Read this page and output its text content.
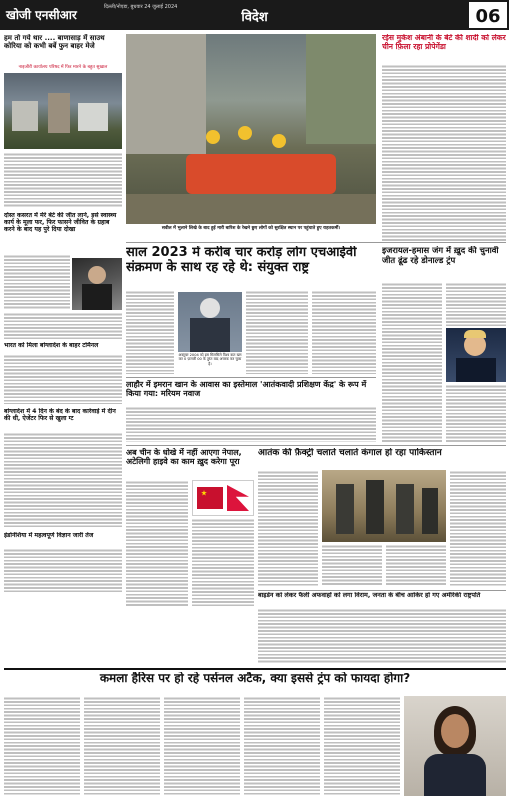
खोजी एनसीआर
दिल्ली/नोएडा, बुधवार 24 जुलाई 2024
विदेश	06
हम तो गये थार .... बाणासाड़ में साउथ कोरिया को कभी बर्बे फुन बाहर मेजे
नाइजीरी कार्यालय परिषद में फिर मारने के बहुत सुखाल
दोस्त कसरत में मेरे बेटे की जीत लाने, इसे स्वास्थ्य कार्य के मूला फर, फिर फासने जीवित के ग्रहाब करने के बाद यह पुरे दिया दोखा
भारत को मिला बांग्लादेश के बाहर टर्मिनल
बांग्लादेश में 4 दिन के बंद के बाद कार्रवाई में दीन की धी, ऐजेंटर फिर से खुला ग्ट
इंडोनेशिया में महत्वपूर्ण विज्ञान जारी तेज
सवील में भुलाने लिखे के बाद हुई मारी बारिश के रेखने छुए लोगों को सुरक्षित स्थान पर पहुंचाते हुए राहतकर्मी।
रईस मुकेश अंबानी के बेटे की शादी को लेकर चीन फ़िला रहा प्रोपेगेंडा
साल 2023 में करीब चार करोड़ लोग एचआईवी संक्रमण के साथ रह रहे थे: संयुक्त राष्ट्र
इजरायल-हमास जंग में ख़ुद की चुनावी जीत ढूंढ रहे डोनाल्ड ट्रंप
अक्टूबर 2004 को इस सिलसिले विश्व बात खन कर 0 फ़रवरी 00 के तुरंत बाद अचरक कर चुका है।
लाहौर में इमरान खान के आवास का इस्तेमाल 'आतंकवादी प्रशिक्षण केंद्र' के रूप में किया गया: मरियम नवाज
अब चीन के धोखे में नहीं आएगा नेपाल, अटेलिगी हाइवे का काम ख़ुद करेगा पूरा
आतंक की फ़ैक्ट्री चलाते चलाते कंगाल हो रहा पाकिस्तान
बाइडेन को लेकर फैली अफवाहों को लगा विराम, जनता के बीच आकिर हो गए अमेरिकी राष्ट्रपति
कमला हैरिस पर हो रहे पर्सनल अटैक, क्या इससे ट्रंप को फायदा होगा?
